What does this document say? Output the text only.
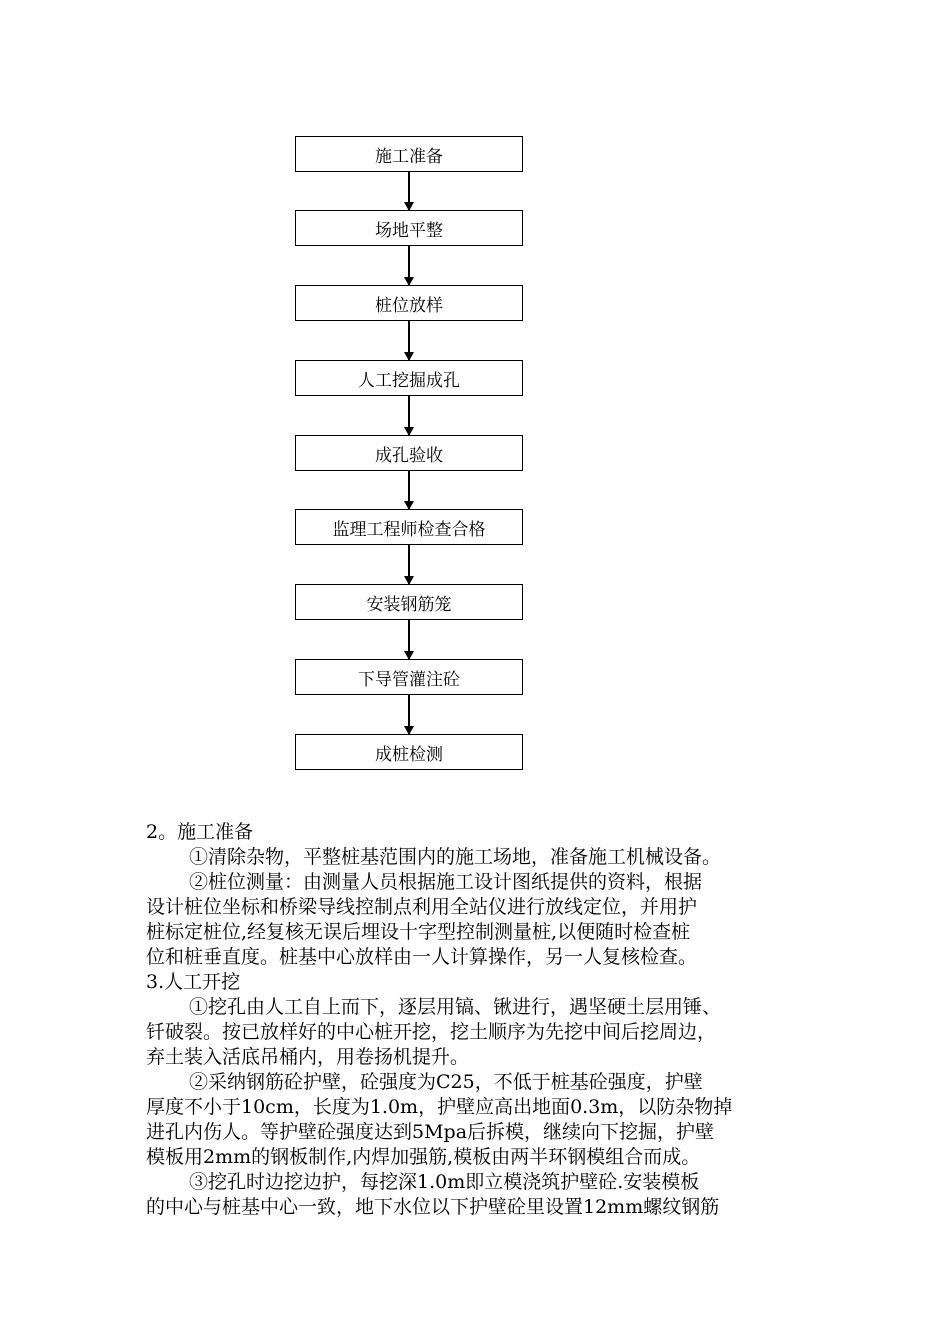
施工准备
场地平整
桩位放样
人工挖掘成孔
成孔验收
监理工程师检查合格
安装钢筋笼
下导管灌注砼
成桩检测
2。施工准备
①清除杂物，平整桩基范围内的施工场地，准备施工机械设备。
②桩位测量：由测量人员根据施工设计图纸提供的资料，根据
设计桩位坐标和桥梁导线控制点利用全站仪进行放线定位，并用护
桩标定桩位,经复核无误后埋设十字型控制测量桩,以便随时检查桩
位和桩垂直度。桩基中心放样由一人计算操作，另一人复核检查。
3.人工开挖
①挖孔由人工自上而下，逐层用镐、锹进行，遇坚硬土层用锤、
钎破裂。按已放样好的中心桩开挖，挖土顺序为先挖中间后挖周边，
弃土装入活底吊桶内，用卷扬机提升。
②采纳钢筋砼护壁，砼强度为C25，不低于桩基砼强度，护壁
厚度不小于10cm，长度为1.0m，护壁应高出地面0.3m，以防杂物掉
进孔内伤人。等护壁砼强度达到5Mpa后拆模，继续向下挖掘，护壁
模板用2mm的钢板制作,内焊加强筋,模板由两半环钢模组合而成。
③挖孔时边挖边护，每挖深1.0m即立模浇筑护壁砼.安装模板
的中心与桩基中心一致，地下水位以下护壁砼里设置12mm螺纹钢筋
